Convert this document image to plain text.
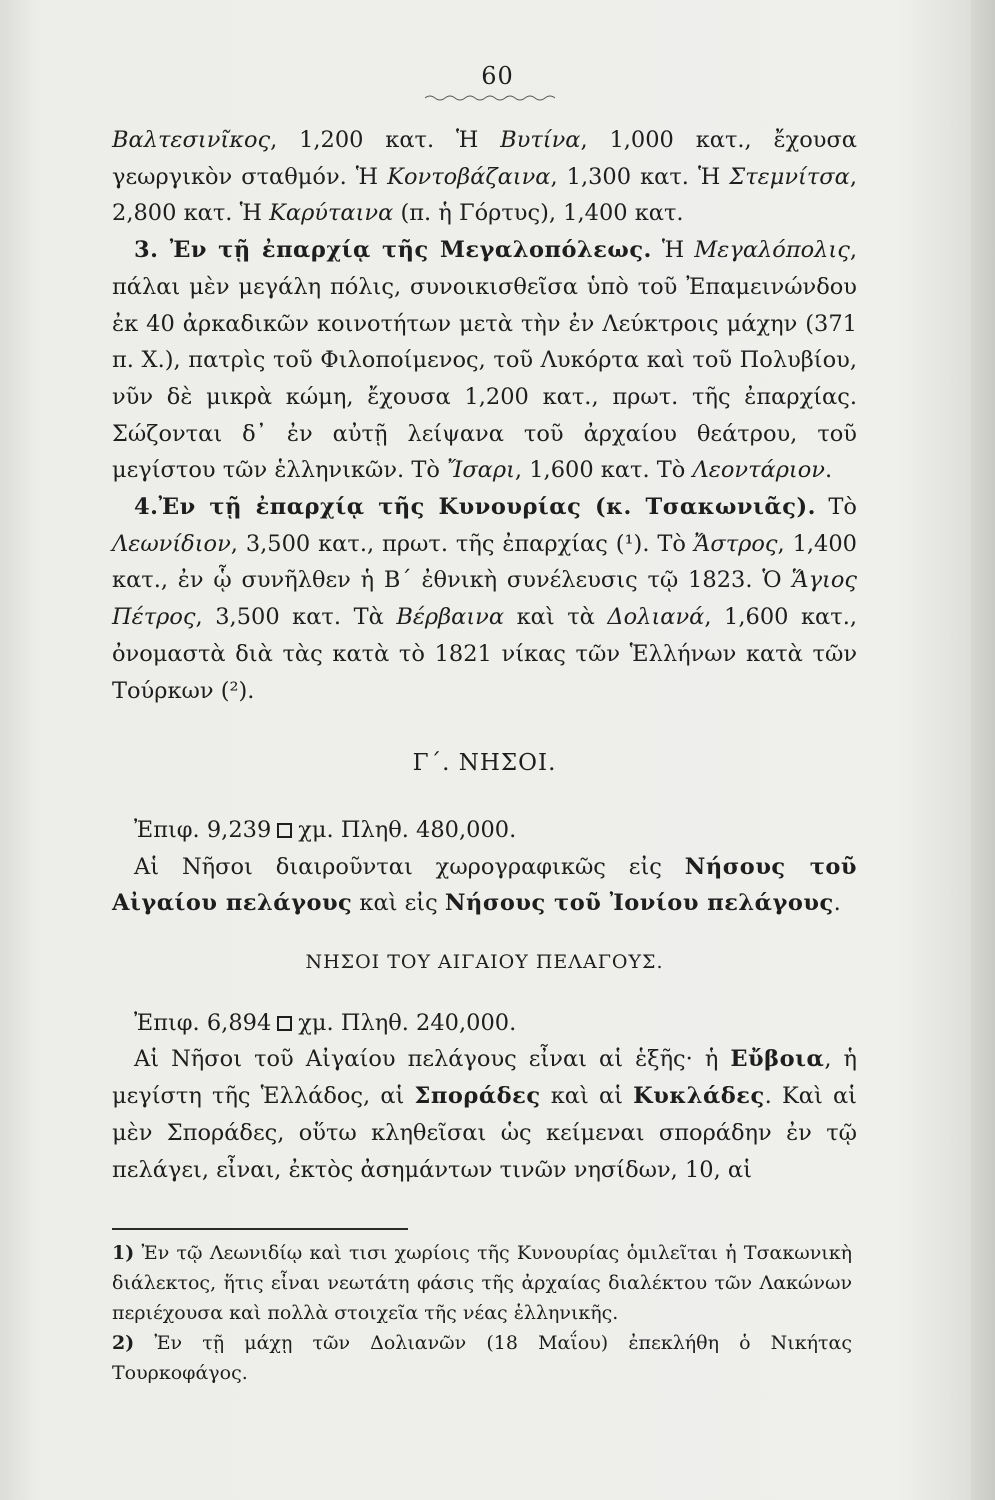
60

Βαλτεσινῖκος, 1,200 κατ. Ἡ Βυτίνα, 1,000 κατ., ἔχουσα γεωργικὸν σταθμόν. Ἡ Κοντοβάζαινα, 1,300 κατ. Ἡ Στεμνίτσα, 2,800 κατ. Ἡ Καρύταινα (π. ἡ Γόρτυς), 1,400 κατ.

3. Ἐν τῇ ἐπαρχίᾳ τῆς Μεγαλοπόλεως. Ἡ Μεγαλόπολις, πάλαι μὲν μεγάλη πόλις, συνοικισθεῖσα ὑπὸ τοῦ Ἐπαμεινώνδου ἐκ 40 ἀρκαδικῶν κοινοτήτων μετὰ τὴν ἐν Λεύκτροις μάχην (371 π. Χ.), πατρὶς τοῦ Φιλοποίμενος, τοῦ Λυκόρτα καὶ τοῦ Πολυβίου, νῦν δὲ μικρὰ κώμη, ἔχουσα 1,200 κατ., πρωτ. τῆς ἐπαρχίας. Σώζονται δ᾽ ἐν αὐτῇ λείψανα τοῦ ἀρχαίου θεάτρου, τοῦ μεγίστου τῶν ἑλληνικῶν. Τὸ Ἴσαρι, 1,600 κατ. Τὸ Λεοντάριον.

4.Ἐν τῇ ἐπαρχίᾳ τῆς Κυνουρίας (κ. Τσακωνιᾶς). Τὸ Λεωνίδιον, 3,500 κατ., πρωτ. τῆς ἐπαρχίας (¹). Τὸ Ἄστρος, 1,400 κατ., ἐν ᾧ συνῆλθεν ἡ Β´ ἐθνικὴ συνέλευσις τῷ 1823. Ὁ Ἅγιος Πέτρος, 3,500 κατ. Τὰ Βέρβαινα καὶ τὰ Δολιανά, 1,600 κατ., ὀνομαστὰ διὰ τὰς κατὰ τὸ 1821 νίκας τῶν Ἑλλήνων κατὰ τῶν Τούρκων (²).

Γ΄. ΝΗΣΟΙ.

Ἐπιφ. 9,239 χμ. Πληθ. 480,000.

Αἱ Νῆσοι διαιροῦνται χωρογραφικῶς εἰς Νήσους τοῦ Αἰγαίου πελάγους καὶ εἰς Νήσους τοῦ Ἰονίου πελάγους.

ΝΗΣΟΙ ΤΟΥ ΑΙΓΑΙΟΥ ΠΕΛΑΓΟΥΣ.

Ἐπιφ. 6,894 χμ. Πληθ. 240,000.

Αἱ Νῆσοι τοῦ Αἰγαίου πελάγους εἶναι αἱ ἑξῆς· ἡ Εὔβοια, ἡ μεγίστη τῆς Ἑλλάδος, αἱ Σποράδες καὶ αἱ Κυκλάδες. Καὶ αἱ μὲν Σποράδες, οὕτω κληθεῖσαι ὡς κείμεναι σποράδην ἐν τῷ πελάγει, εἶναι, ἐκτὸς ἀσημάντων τινῶν νησίδων, 10, αἱ

1) Ἐν τῷ Λεωνιδίῳ καὶ τισι χωρίοις τῆς Κυνουρίας ὁμιλεῖται ἡ Τσακωνικὴ διάλεκτος, ἥτις εἶναι νεωτάτη φάσις τῆς ἀρχαίας διαλέκτου τῶν Λακώνων περιέχουσα καὶ πολλὰ στοιχεῖα τῆς νέας ἑλληνικῆς.

2) Ἐν τῇ μάχῃ τῶν Δολιανῶν (18 Μαΐου) ἐπεκλήθη ὁ Νικήτας Τουρκοφάγος.
